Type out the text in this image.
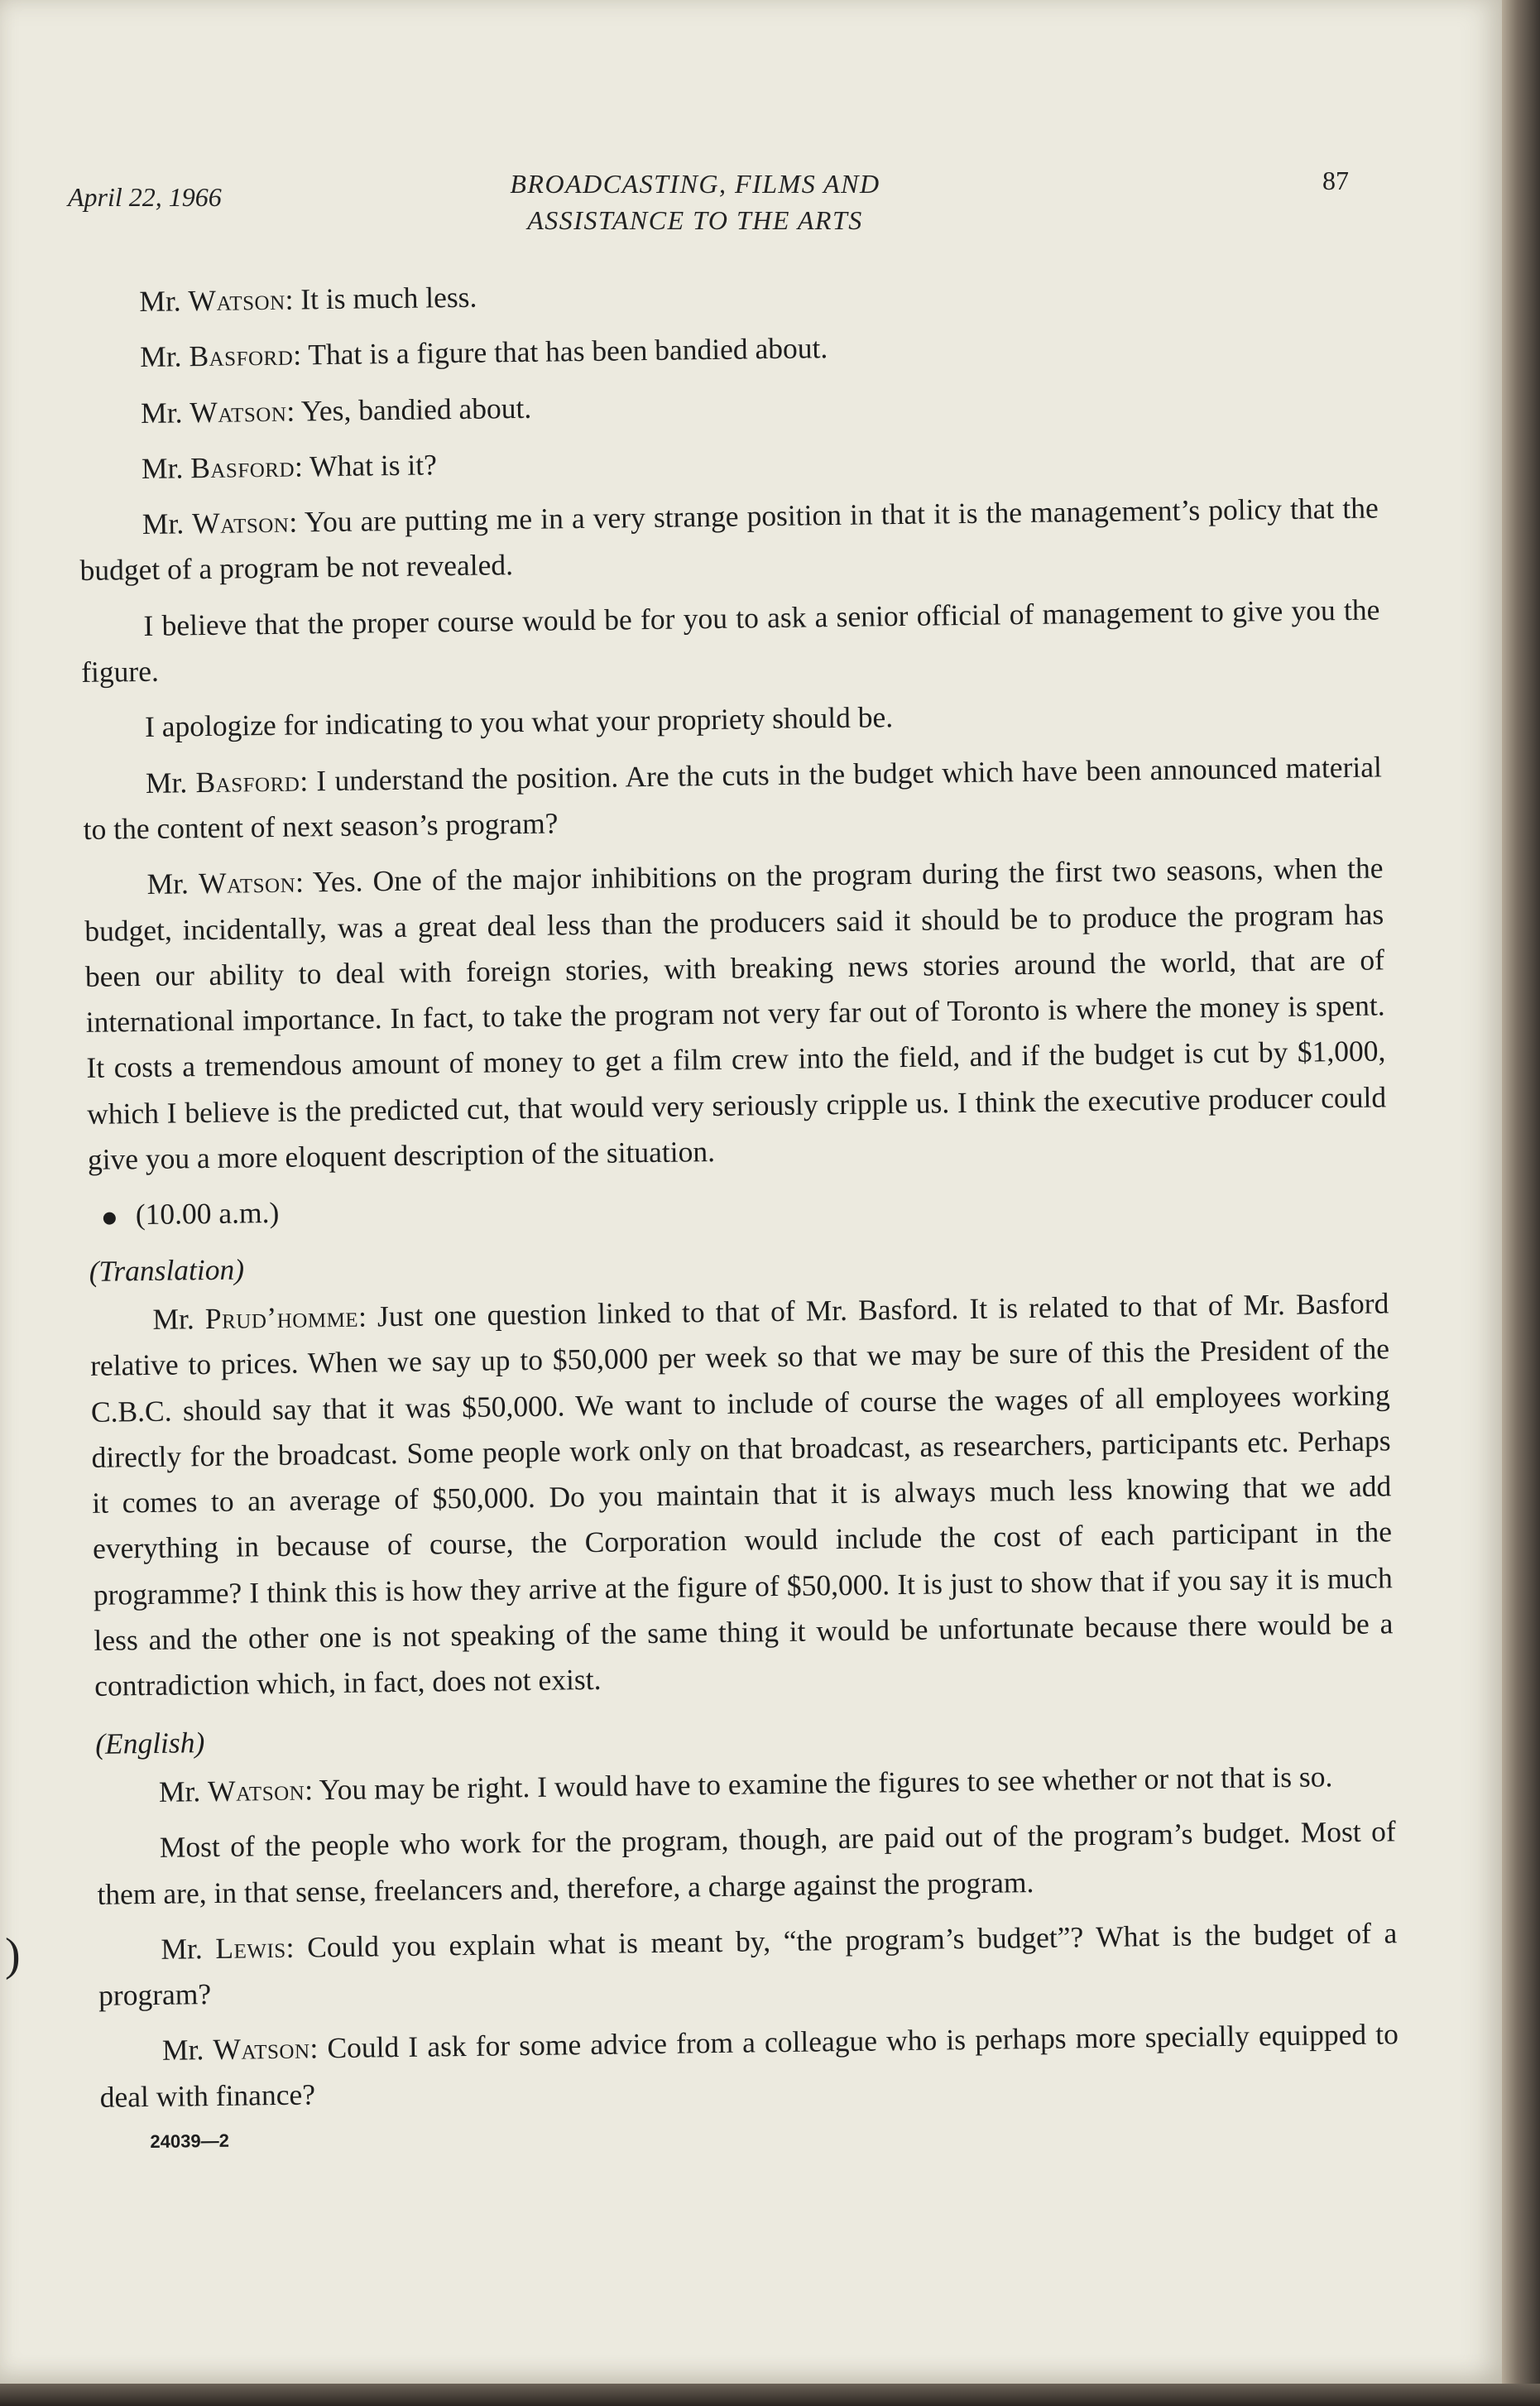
April 22, 1966	BROADCASTING, FILMS AND
ASSISTANCE TO THE ARTS
87
)

Mr. Watson: It is much less.

Mr. Basford: That is a figure that has been bandied about.

Mr. Watson: Yes, bandied about.

Mr. Basford: What is it?

Mr. Watson: You are putting me in a very strange position in that it is the management’s policy that the budget of a program be not revealed.

I believe that the proper course would be for you to ask a senior official of management to give you the figure.

I apologize for indicating to you what your propriety should be.

Mr. Basford: I understand the position. Are the cuts in the budget which have been announced material to the content of next season’s program?

Mr. Watson: Yes. One of the major inhibitions on the program during the first two seasons, when the budget, incidentally, was a great deal less than the producers said it should be to produce the program has been our ability to deal with foreign stories, with breaking news stories around the world, that are of international importance. In fact, to take the program not very far out of Toronto is where the money is spent. It costs a tremendous amount of money to get a film crew into the field, and if the budget is cut by $1,000, which I believe is the predicted cut, that would very seriously cripple us. I think the executive producer could give you a more eloquent description of the situation.

(10.00 a.m.)

(Translation)

Mr. Prud’homme: Just one question linked to that of Mr. Basford. It is related to that of Mr. Basford relative to prices. When we say up to $50,000 per week so that we may be sure of this the President of the C.B.C. should say that it was $50,000. We want to include of course the wages of all employees working directly for the broadcast. Some people work only on that broadcast, as researchers, participants etc. Perhaps it comes to an average of $50,000. Do you maintain that it is always much less knowing that we add everything in because of course, the Corporation would include the cost of each participant in the programme? I think this is how they arrive at the figure of $50,000. It is just to show that if you say it is much less and the other one is not speaking of the same thing it would be unfortunate because there would be a contradiction which, in fact, does not exist.

(English)

Mr. Watson: You may be right. I would have to examine the figures to see whether or not that is so.

Most of the people who work for the program, though, are paid out of the program’s budget. Most of them are, in that sense, freelancers and, therefore, a charge against the program.

Mr. Lewis: Could you explain what is meant by, “the program’s budget”? What is the budget of a program?

Mr. Watson: Could I ask for some advice from a colleague who is perhaps more specially equipped to deal with finance?

24039—2
